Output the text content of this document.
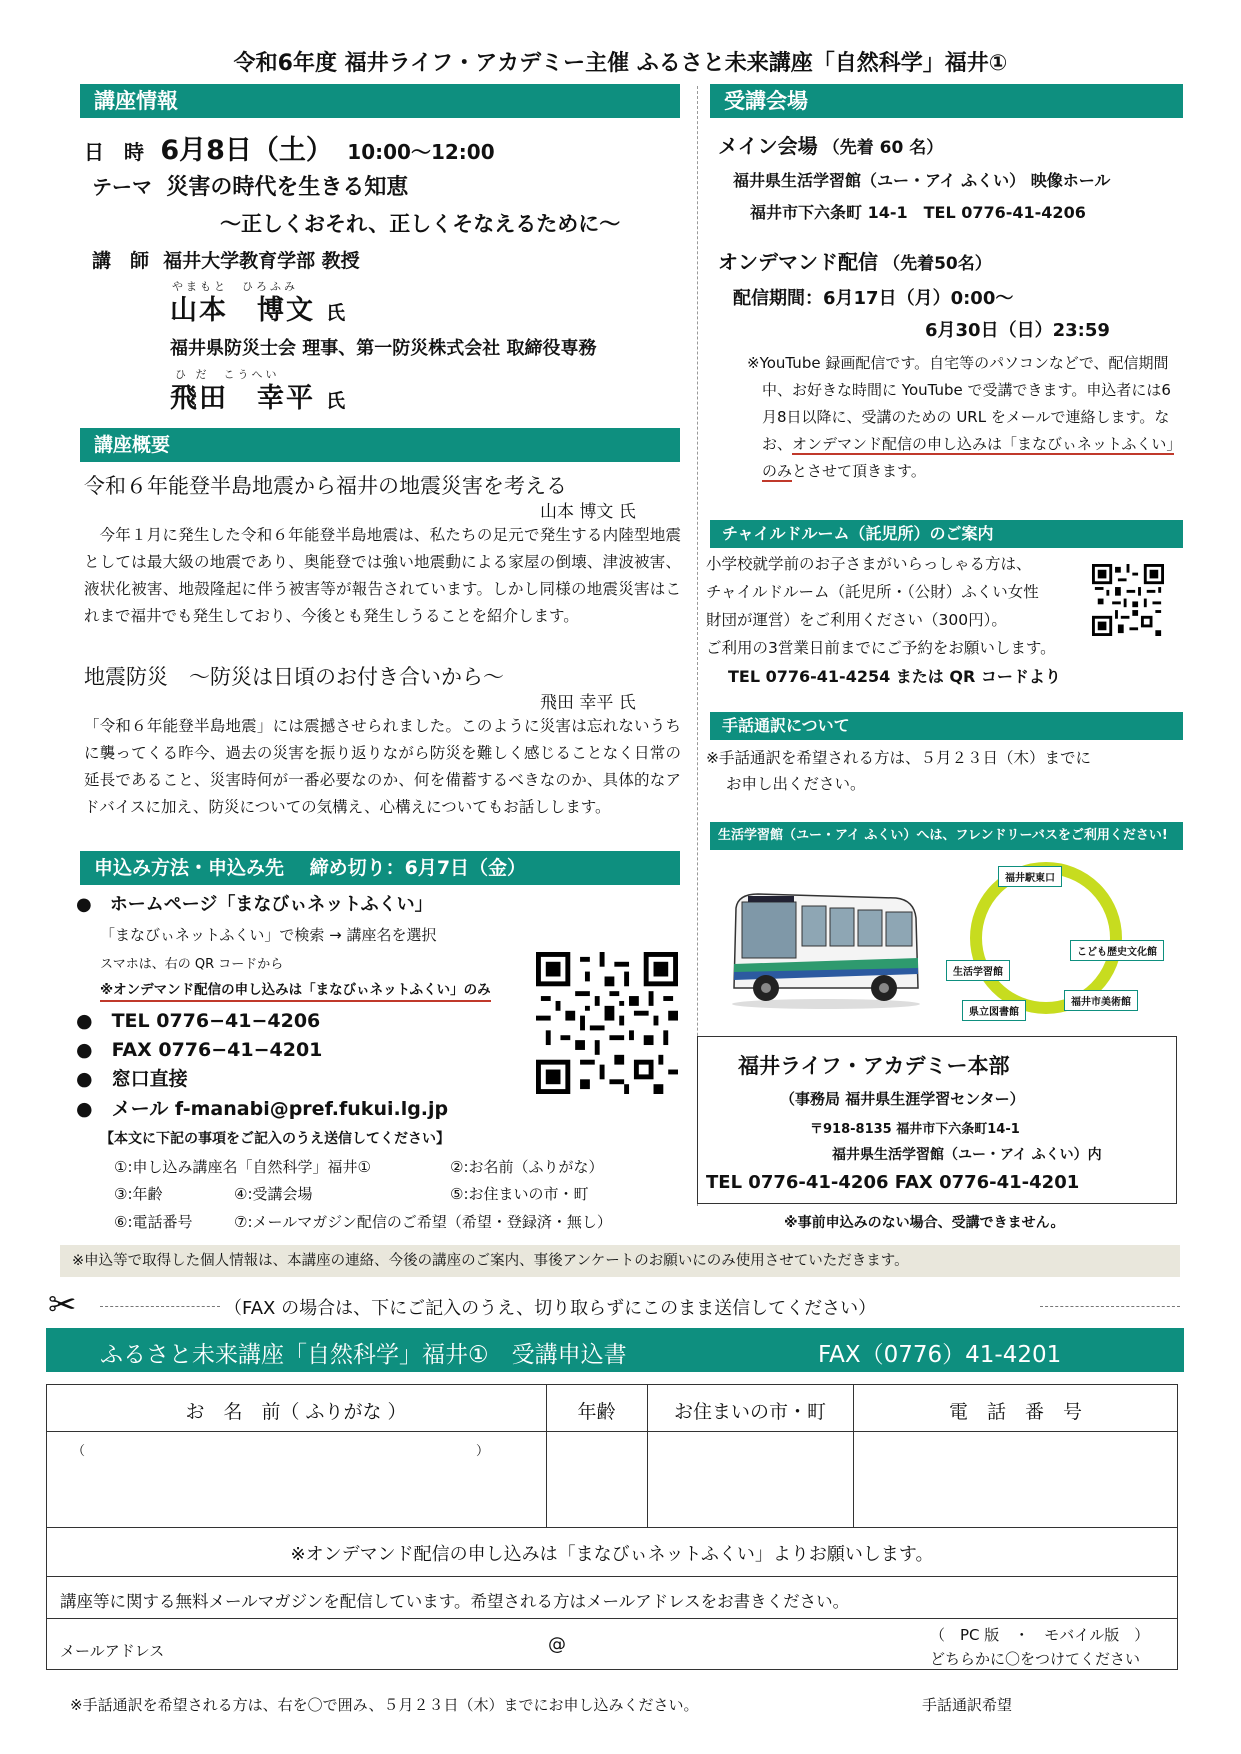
令和6年度 福井ライフ・アカデミー主催 ふるさと未来講座「自然科学」福井①
講座情報
日　時 6月8日（土） 10:00～12:00
テーマ 災害の時代を生きる知恵
～正しくおそれ、正しくそなえるために～
講　師 福井大学教育学部 教授
やまもと　ひろふみ
山本　博文 氏
福井県防災士会 理事、第一防災株式会社 取締役専務
ひ だ　こうへい
飛田　幸平 氏
講座概要
令和６年能登半島地震から福井の地震災害を考える
山本 博文 氏
今年１月に発生した令和６年能登半島地震は、私たちの足元で発生する内陸型地震としては最大級の地震であり、奥能登では強い地震動による家屋の倒壊、津波被害、液状化被害、地殻隆起に伴う被害等が報告されています。しかし同様の地震災害はこれまで福井でも発生しており、今後とも発生しうることを紹介します。
地震防災　～防災は日頃のお付き合いから～
飛田 幸平 氏
「令和６年能登半島地震」には震撼させられました。このように災害は忘れないうちに襲ってくる昨今、過去の災害を振り返りながら防災を難しく感じることなく日常の延長であること、災害時何が一番必要なのか、何を備蓄するべきなのか、具体的なアドバイスに加え、防災についての気構え、心構えについてもお話しします。
申込み方法・申込み先　 締め切り：6月7日（金）
●　ホームページ「まなびぃネットふくい」
「まなびぃネットふくい」で検索 → 講座名を選択
スマホは、右の QR コードから
※オンデマンド配信の申し込みは「まなびぃネットふくい」のみ
●　TEL 0776−41−4206
●　FAX 0776−41−4201
●　窓口直接
●　メール f-manabi@pref.fukui.lg.jp
【本文に下記の事項をご記入のうえ送信してください】
①:申し込み講座名「自然科学」福井①	②:お名前（ふりがな）
③:年齢	④:受講会場	⑤:お住まいの市・町
⑥:電話番号	⑦:メールマガジン配信のご希望（希望・登録済・無し）
受講会場
メイン会場 （先着 60 名）
福井県生活学習館（ユー・アイ ふくい） 映像ホール
福井市下六条町 14-1　TEL 0776-41-4206
オンデマンド配信 （先着50名）
配信期間：6月17日（月）0:00～
6月30日（日）23:59
※YouTube 録画配信です。自宅等のパソコンなどで、配信期間中、お好きな時間に YouTube で受講できます。申込者には6月8日以降に、受講のための URL をメールで連絡します。なお、オンデマンド配信の申し込みは「まなびぃネットふくい」のみとさせて頂きます。
チャイルドルーム（託児所）のご案内
小学校就学前のお子さまがいらっしゃる方は、
チャイルドルーム（託児所・（公財）ふくい女性
財団が運営）をご利用ください（300円）。
ご利用の3営業日前までにご予約をお願いします。
TEL 0776-41-4254 または QR コードより
手話通訳について
※手話通訳を希望される方は、５月２３日（木）までに
お申し出ください。
生活学習館（ユー・アイ ふくい）へは、フレンドリーバスをご利用ください!
福井駅東口
こども歴史文化館
福井市美術館
県立図書館
生活学習館
福井ライフ・アカデミー本部
（事務局 福井県生涯学習センター）
〒918-8135 福井市下六条町14-1
福井県生活学習館（ユー・アイ ふくい）内
TEL 0776-41-4206 FAX 0776-41-4201
※事前申込みのない場合、受講できません。
※申込等で取得した個人情報は、本講座の連絡、今後の講座のご案内、事後アンケートのお願いにのみ使用させていただきます。
✂	（FAX の場合は、下にご記入のうえ、切り取らずにこのまま送信してください）
ふるさと未来講座「自然科学」福井①　受講申込書	FAX（0776）41-4201
お　名　前（ ふりがな ）	年齢	お住まいの市・町	電　話　番　号
（	）
※オンデマンド配信の申し込みは「まなびぃネットふくい」よりお願いします。
講座等に関する無料メールマガジンを配信しています。希望される方はメールアドレスをお書きください。
メールアドレス	@	（　PC 版　・　モバイル版　）
どちらかに〇をつけてください
※手話通訳を希望される方は、右を〇で囲み、５月２３日（木）までにお申し込みください。	手話通訳希望
